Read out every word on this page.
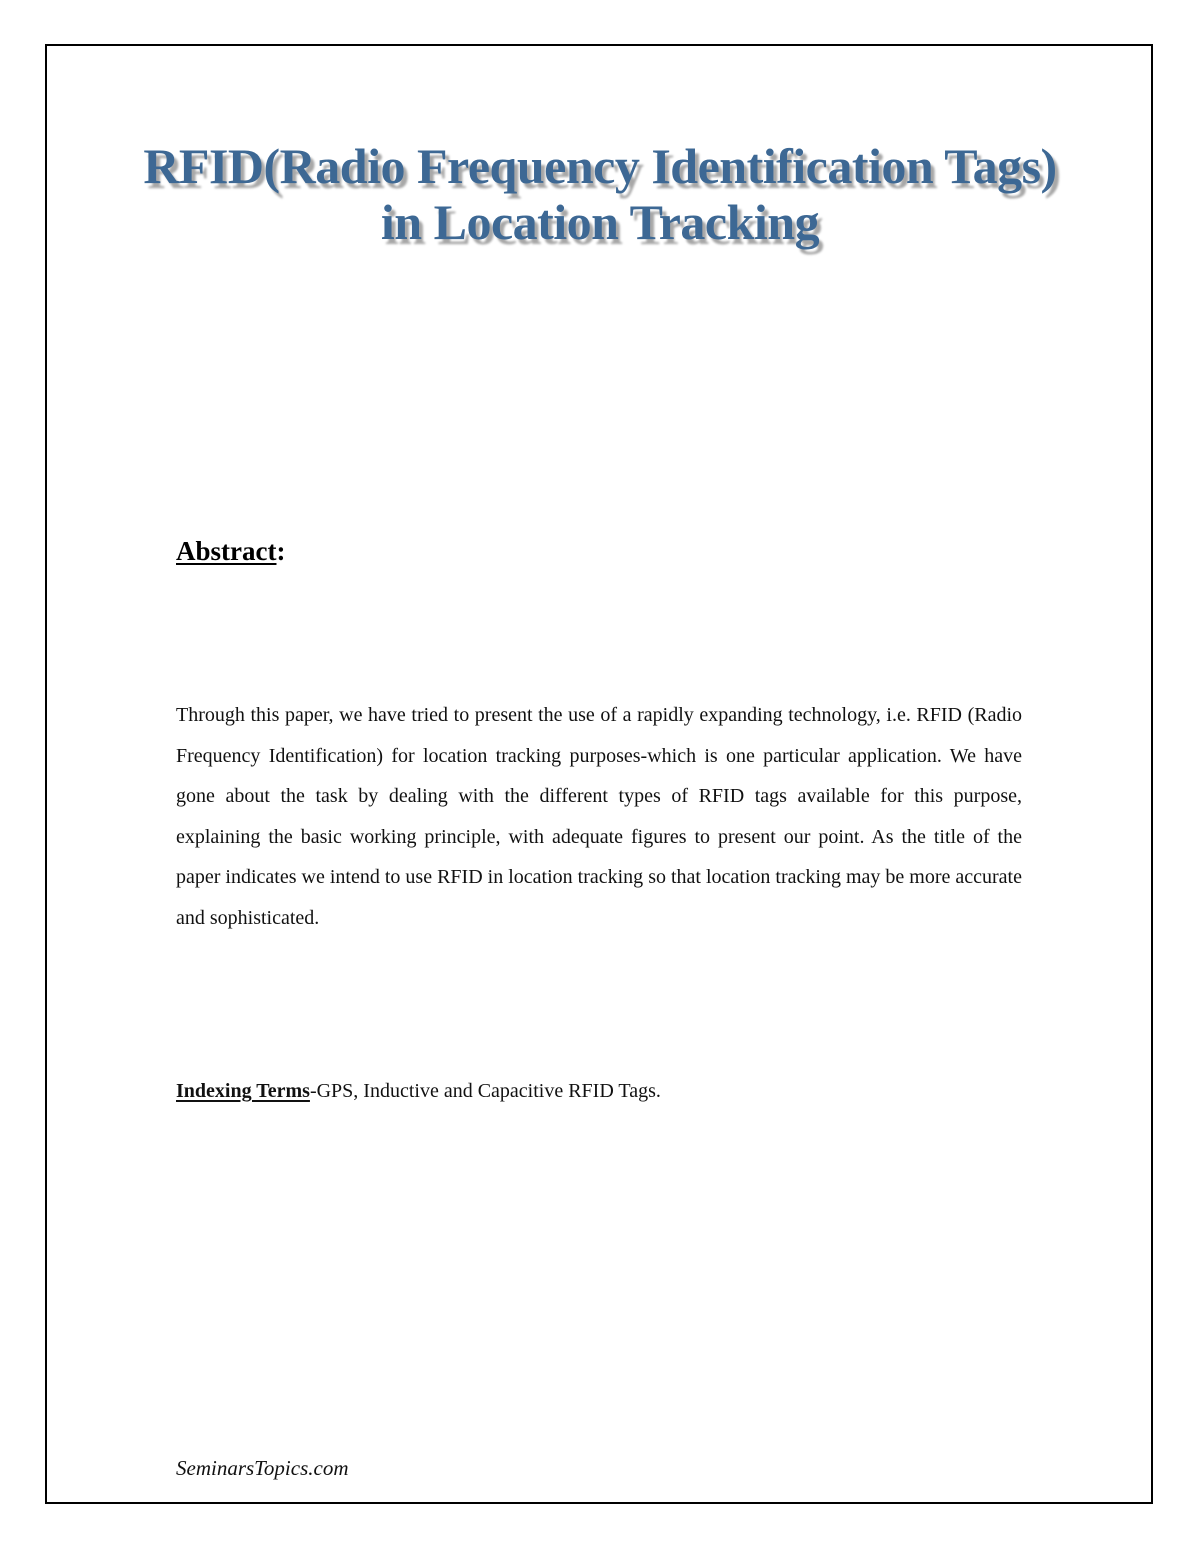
RFID(Radio Frequency Identification Tags)
in Location Tracking
Abstract:

Through this paper, we have tried to present the use of a rapidly expanding technology, i.e. RFID (Radio Frequency Identification) for location tracking purposes-which is one particular application. We have gone about the task by dealing with the different types of RFID tags available for this purpose, explaining the basic working principle, with adequate figures to present our point. As the title of the paper indicates we intend to use RFID in location tracking so that location tracking may be more accurate and sophisticated.

Indexing Terms-GPS, Inductive and Capacitive RFID Tags.
SeminarsTopics.com
